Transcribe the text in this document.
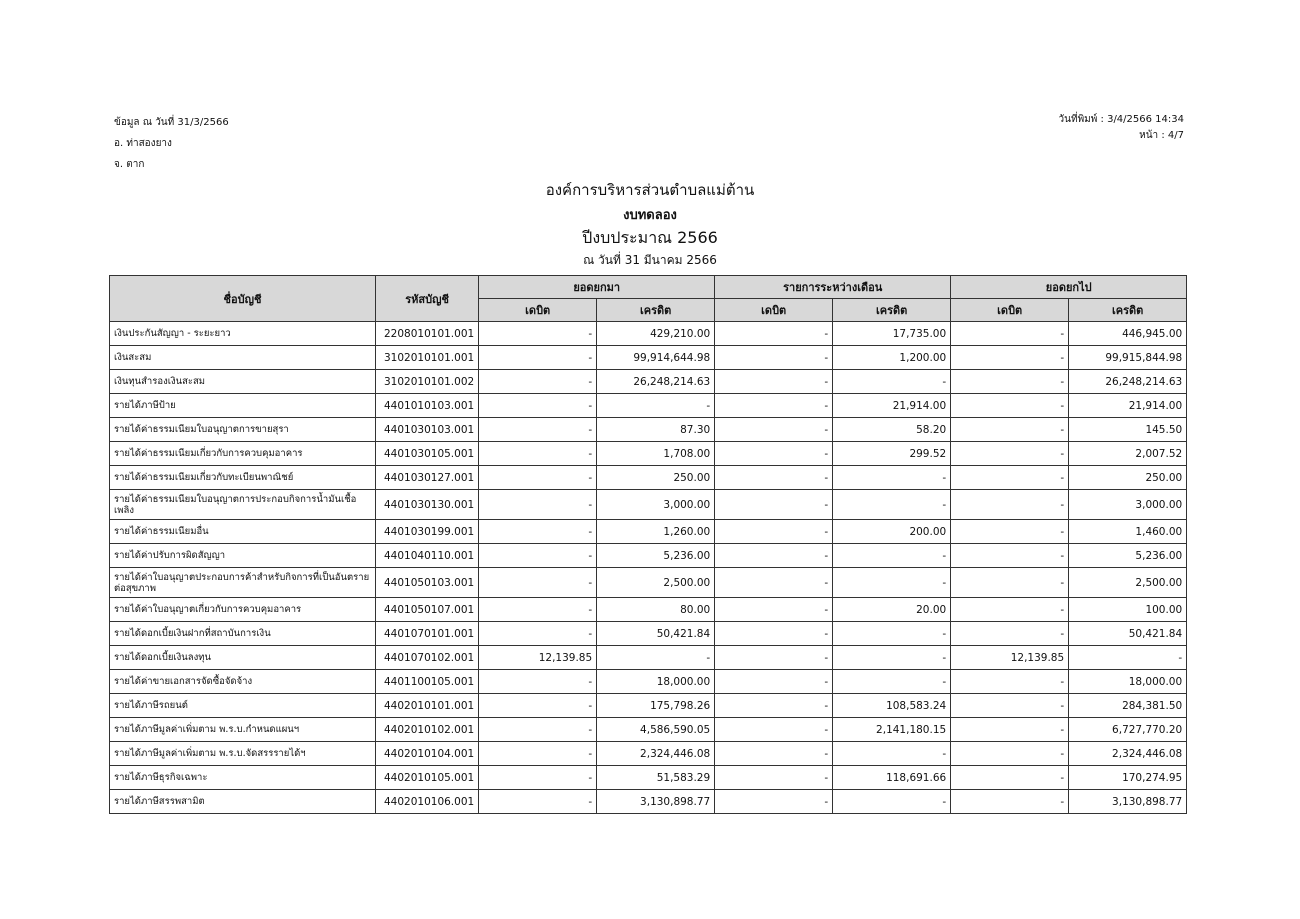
ข้อมูล ณ วันที่ 31/3/2566
อ. ท่าสองยาง
จ. ตาก
วันที่พิมพ์ : 3/4/2566 14:34
หน้า : 4/7
องค์การบริหารส่วนตำบลแม่ต้าน
งบทดลอง
ปีงบประมาณ 2566
ณ วันที่ 31 มีนาคม 2566
ชื่อบัญชี	รหัสบัญชี	ยอดยกมา		รายการระหว่างเดือน		ยอดยกไป	
		เดบิต	เครดิต	เดบิต	เครดิต	เดบิต	เครดิต
เงินประกันสัญญา - ระยะยาว	2208010101.001	-	429,210.00	-	17,735.00	-	446,945.00
เงินสะสม	3102010101.001	-	99,914,644.98	-	1,200.00	-	99,915,844.98
เงินทุนสำรองเงินสะสม	3102010101.002	-	26,248,214.63	-	-	-	26,248,214.63
รายได้ภาษีป้าย	4401010103.001	-	-	-	21,914.00	-	21,914.00
รายได้ค่าธรรมเนียมใบอนุญาตการขายสุรา	4401030103.001	-	87.30	-	58.20	-	145.50
รายได้ค่าธรรมเนียมเกี่ยวกับการควบคุมอาคาร	4401030105.001	-	1,708.00	-	299.52	-	2,007.52
รายได้ค่าธรรมเนียมเกี่ยวกับทะเบียนพาณิชย์	4401030127.001	-	250.00	-	-	-	250.00
รายได้ค่าธรรมเนียมใบอนุญาตการประกอบกิจการน้ำมันเชื้อเพลิง	4401030130.001	-	3,000.00	-	-	-	3,000.00
รายได้ค่าธรรมเนียมอื่น	4401030199.001	-	1,260.00	-	200.00	-	1,460.00
รายได้ค่าปรับการผิดสัญญา	4401040110.001	-	5,236.00	-	-	-	5,236.00
รายได้ค่าใบอนุญาตประกอบการค้าสำหรับกิจการที่เป็นอันตรายต่อสุขภาพ	4401050103.001	-	2,500.00	-	-	-	2,500.00
รายได้ค่าใบอนุญาตเกี่ยวกับการควบคุมอาคาร	4401050107.001	-	80.00	-	20.00	-	100.00
รายได้ดอกเบี้ยเงินฝากที่สถาบันการเงิน	4401070101.001	-	50,421.84	-	-	-	50,421.84
รายได้ดอกเบี้ยเงินลงทุน	4401070102.001	12,139.85	-	-	-	12,139.85	-
รายได้ค่าขายเอกสารจัดซื้อจัดจ้าง	4401100105.001	-	18,000.00	-	-	-	18,000.00
รายได้ภาษีรถยนต์	4402010101.001	-	175,798.26	-	108,583.24	-	284,381.50
รายได้ภาษีมูลค่าเพิ่มตาม พ.ร.บ.กำหนดแผนฯ	4402010102.001	-	4,586,590.05	-	2,141,180.15	-	6,727,770.20
รายได้ภาษีมูลค่าเพิ่มตาม พ.ร.บ.จัดสรรรายได้ฯ	4402010104.001	-	2,324,446.08	-	-	-	2,324,446.08
รายได้ภาษีธุรกิจเฉพาะ	4402010105.001	-	51,583.29	-	118,691.66	-	170,274.95
รายได้ภาษีสรรพสามิต	4402010106.001	-	3,130,898.77	-	-	-	3,130,898.77
